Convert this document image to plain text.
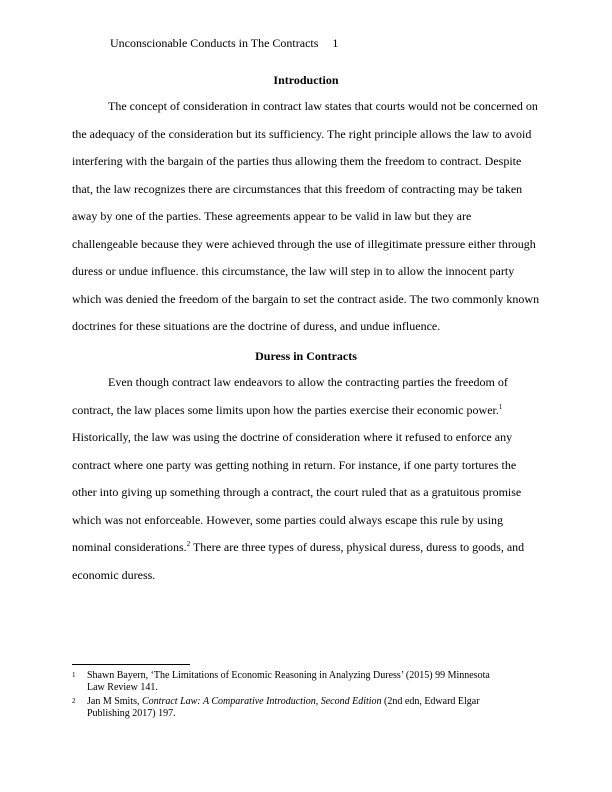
Unconscionable Conducts in The Contracts 1
Introduction
The concept of consideration in contract law states that courts would not be concerned on
the adequacy of the consideration but its sufficiency. The right principle allows the law to avoid
interfering with the bargain of the parties thus allowing them the freedom to contract. Despite
that, the law recognizes there are circumstances that this freedom of contracting may be taken
away by one of the parties. These agreements appear to be valid in law but they are
challengeable because they were achieved through the use of illegitimate pressure either through
duress or undue influence. this circumstance, the law will step in to allow the innocent party
which was denied the freedom of the bargain to set the contract aside. The two commonly known
doctrines for these situations are the doctrine of duress, and undue influence.
Duress in Contracts
Even though contract law endeavors to allow the contracting parties the freedom of
contract, the law places some limits upon how the parties exercise their economic power.$^1$
Historically, the law was using the doctrine of consideration where it refused to enforce any
contract where one party was getting nothing in return. For instance, if one party tortures the
other into giving up something through a contract, the court ruled that as a gratuitous promise
which was not enforceable. However, some parties could always escape this rule by using
nominal considerations.$^2$ There are three types of duress, physical duress, duress to goods, and
economic duress.
1	Shawn Bayern, ‘The Limitations of Economic Reasoning in Analyzing Duress’ (2015) 99 Minnesota
Law Review 141.
2	Jan M Smits, Contract Law: A Comparative Introduction, Second Edition (2nd edn, Edward Elgar
Publishing 2017) 197.
